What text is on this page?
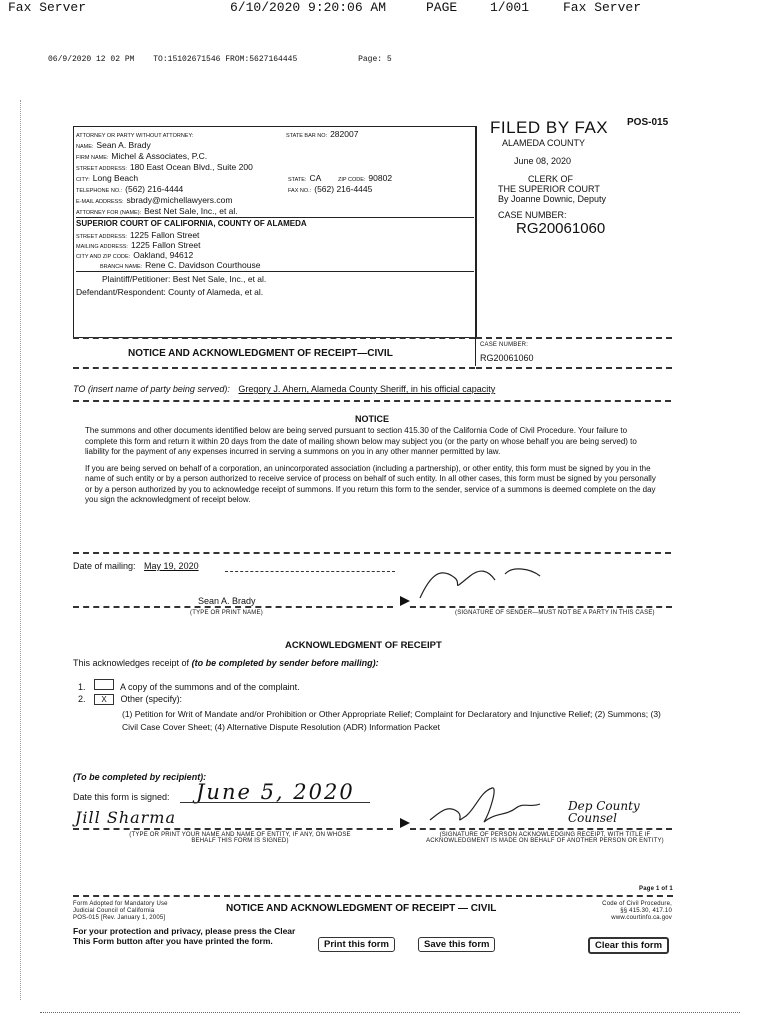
Fax Server	6/10/2020 9:20:06 AM	PAGE	1/001	Fax Server
06/9/2020 12 02 PM TO:15102671546 FROM:5627164445	Page: 5
POS-015
ATTORNEY OR PARTY WITHOUT ATTORNEY:	STATE BAR NO: 282007
NAME: Sean A. Brady
FIRM NAME: Michel & Associates, P.C.
STREET ADDRESS: 180 East Ocean Blvd., Suite 200
CITY: Long Beach	STATE: CA	ZIP CODE: 90802
TELEPHONE NO.: (562) 216-4444	FAX NO.: (562) 216-4445
E-MAIL ADDRESS: sbrady@michellawyers.com
ATTORNEY FOR (NAME): Best Net Sale, Inc., et al.
SUPERIOR COURT OF CALIFORNIA, COUNTY OF ALAMEDA
STREET ADDRESS: 1225 Fallon Street
MAILING ADDRESS: 1225 Fallon Street
CITY AND ZIP CODE: Oakland, 94612
BRANCH NAME: Rene C. Davidson Courthouse
Plaintiff/Petitioner: Best Net Sale, Inc., et al.
Defendant/Respondent: County of Alameda, et al.
FILED BY FAX
ALAMEDA COUNTY
June 08, 2020
CLERK OF
THE SUPERIOR COURT
By Joanne Downic, Deputy
CASE NUMBER:
RG20061060
NOTICE AND ACKNOWLEDGMENT OF RECEIPT—CIVIL
CASE NUMBER:
RG20061060
TO (insert name of party being served): Gregory J. Ahern, Alameda County Sheriff, in his official capacity
NOTICE
The summons and other documents identified below are being served pursuant to section 415.30 of the California Code of Civil Procedure. Your failure to complete this form and return it within 20 days from the date of mailing shown below may subject you (or the party on whose behalf you are being served) to liability for the payment of any expenses incurred in serving a summons on you in any other manner permitted by law.
If you are being served on behalf of a corporation, an unincorporated association (including a partnership), or other entity, this form must be signed by you in the name of such entity or by a person authorized to receive service of process on behalf of such entity. In all other cases, this form must be signed by you personally or by a person authorized by you to acknowledge receipt of summons. If you return this form to the sender, service of a summons is deemed complete on the day you sign the acknowledgment of receipt below.
Date of mailing: May 19, 2020
Sean A. Brady
(TYPE OR PRINT NAME)	(SIGNATURE OF SENDER—MUST NOT BE A PARTY IN THIS CASE)
ACKNOWLEDGMENT OF RECEIPT
This acknowledges receipt of (to be completed by sender before mailing):
1.	A copy of the summons and of the complaint.
2. X Other (specify):
(1) Petition for Writ of Mandate and/or Prohibition or Other Appropriate Relief; Complaint for Declaratory and Injunctive Relief; (2) Summons; (3) Civil Case Cover Sheet; (4) Alternative Dispute Resolution (ADR) Information Packet
(To be completed by recipient):
Date this form is signed: June 5, 2020
Jill Sharma
Dep County Counsel
(TYPE OR PRINT YOUR NAME AND NAME OF ENTITY, IF ANY, ON WHOSE BEHALF THIS FORM IS SIGNED)
(SIGNATURE OF PERSON ACKNOWLEDGING RECEIPT, WITH TITLE IF ACKNOWLEDGMENT IS MADE ON BEHALF OF ANOTHER PERSON OR ENTITY)
Page 1 of 1
Form Adopted for Mandatory Use
Judicial Council of California
POS-015 [Rev. January 1, 2005]
NOTICE AND ACKNOWLEDGMENT OF RECEIPT — CIVIL	Code of Civil Procedure,
§§ 415.30, 417.10
www.courtinfo.ca.gov
For your protection and privacy, please press the Clear
This Form button after you have printed the form.	Print this form	Save this form	Clear this form
